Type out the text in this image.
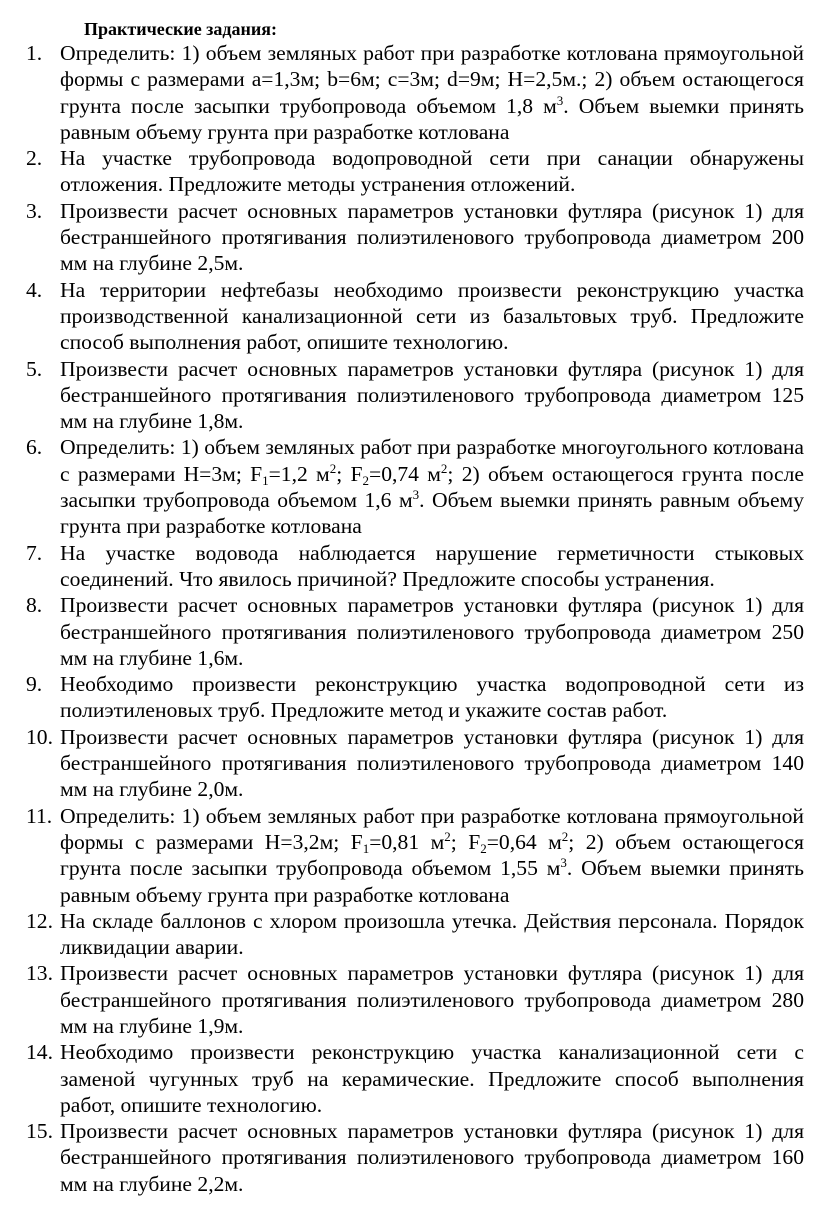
Практические задания:
1. Определить: 1) объем земляных работ при разработке котлована прямоугольной формы с размерами a=1,3м; b=6м; c=3м; d=9м; H=2,5м.; 2) объем остающегося грунта после засыпки трубопровода объемом 1,8 $м^3$. Объем выемки принять равным объему грунта при разработке котлована
2. На участке трубопровода водопроводной сети при санации обнаружены отложения. Предложите методы устранения отложений.
3. Произвести расчет основных параметров установки футляра (рисунок 1) для бестраншейного протягивания полиэтиленового трубопровода диаметром 200 мм на глубине 2,5м.
4. На территории нефтебазы необходимо произвести реконструкцию участка производственной канализационной сети из базальтовых труб. Предложите способ выполнения работ, опишите технологию.
5. Произвести расчет основных параметров установки футляра (рисунок 1) для бестраншейного протягивания полиэтиленового трубопровода диаметром 125 мм на глубине 1,8м.
6. Определить: 1) объем земляных работ при разработке многоугольного котлована с размерами H=3м; $F_1=1,2$ $м^2$; $F_2=0,74$ $м^2$; 2) объем остающегося грунта после засыпки трубопровода объемом 1,6 $м^3$. Объем выемки принять равным объему грунта при разработке котлована
7. На участке водовода наблюдается нарушение герметичности стыковых соединений. Что явилось причиной? Предложите способы устранения.
8. Произвести расчет основных параметров установки футляра (рисунок 1) для бестраншейного протягивания полиэтиленового трубопровода диаметром 250 мм на глубине 1,6м.
9. Необходимо произвести реконструкцию участка водопроводной сети из полиэтиленовых труб. Предложите метод и укажите состав работ.
10. Произвести расчет основных параметров установки футляра (рисунок 1) для бестраншейного протягивания полиэтиленового трубопровода диаметром 140 мм на глубине 2,0м.
11. Определить: 1) объем земляных работ при разработке котлована прямоугольной формы с размерами H=3,2м; $F_1=0,81$ $м^2$; $F_2=0,64$ $м^2$; 2) объем остающегося грунта после засыпки трубопровода объемом 1,55 $м^3$. Объем выемки принять равным объему грунта при разработке котлована
12. На складе баллонов с хлором произошла утечка. Действия персонала. Порядок ликвидации аварии.
13. Произвести расчет основных параметров установки футляра (рисунок 1) для бестраншейного протягивания полиэтиленового трубопровода диаметром 280 мм на глубине 1,9м.
14. Необходимо произвести реконструкцию участка канализационной сети с заменой чугунных труб на керамические. Предложите способ выполнения работ, опишите технологию.
15. Произвести расчет основных параметров установки футляра (рисунок 1) для бестраншейного протягивания полиэтиленового трубопровода диаметром 160 мм на глубине 2,2м.
